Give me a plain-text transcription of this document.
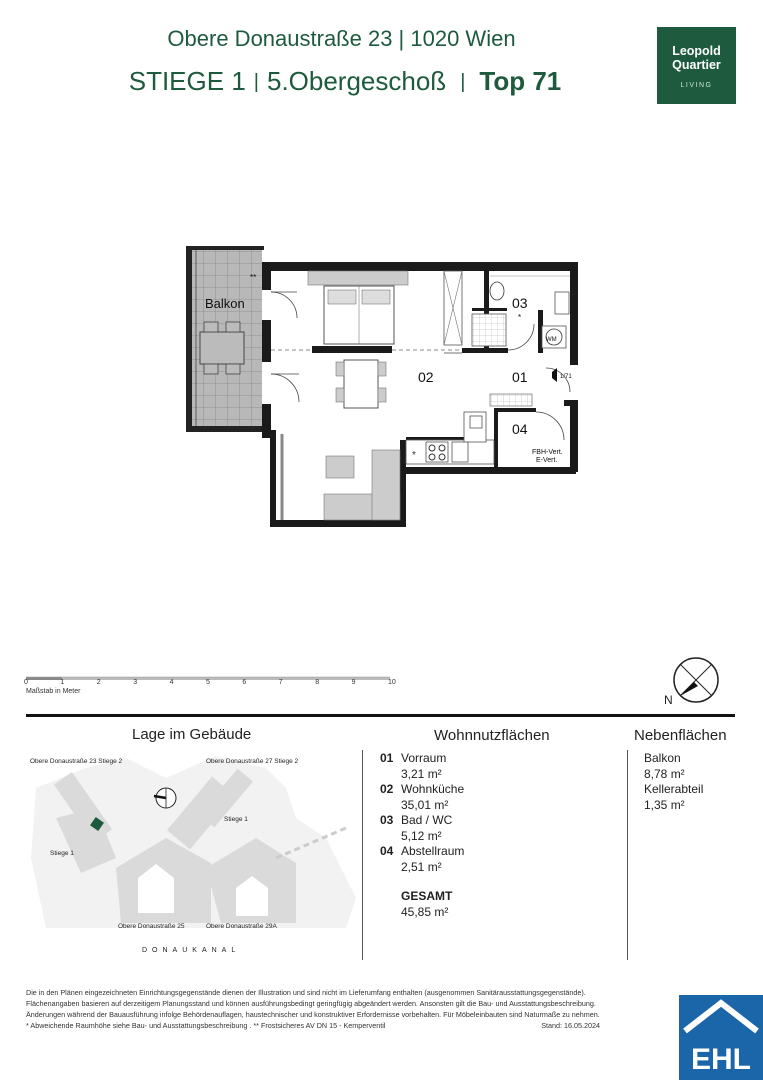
Obere Donaustraße 23 | 1020 Wien
STIEGE 1 | 5.Obergeschoß | Top 71
Leopold
Quartier
LIVING
Balkon
**
02	01
03
*
04
*
WM
1/71
FBH-Vert.
E-Vert.
0	1	2	3	4	5	6	7	8	9	10
Maßstab in Meter
N
Lage im Gebäude
Obere Donaustraße 23 Stiege 2	Obere Donaustraße 27 Stiege 2
Stiege 1
Stiege 1
Obere Donaustraße 25	Obere Donaustraße 29A
DONAUKANAL
Wohnnutzflächen
01 Vorraum
3,21 m²
02 Wohnküche
35,01 m²
03 Bad / WC
5,12 m²
04 Abstellraum
2,51 m²
GESAMT
45,85 m²
Nebenflächen
Balkon
8,78 m²
Kellerabteil
1,35 m²
Die in den Plänen eingezeichneten Einrichtungsgegenstände dienen der Illustration und sind nicht im Lieferumfang enthalten (ausgenommen Sanitärausstattungsgegenstände).
Flächenangaben basieren auf derzeitigem Planungsstand und können ausführungsbedingt geringfügig abgeändert werden. Ansonsten gilt die Bau- und Ausstattungsbeschreibung.
Änderungen während der Bauausführung infolge Behördenauflagen, haustechnischer und konstruktiver Erfordernisse vorbehalten. Für Möbeleinbauten sind Naturmaße zu nehmen.
* Abweichende Raumhöhe siehe Bau- und Ausstattungsbeschreibung . ** Frostsicheres AV DN 15 - Kemperventil	Stand: 16.05.2024
EHL
